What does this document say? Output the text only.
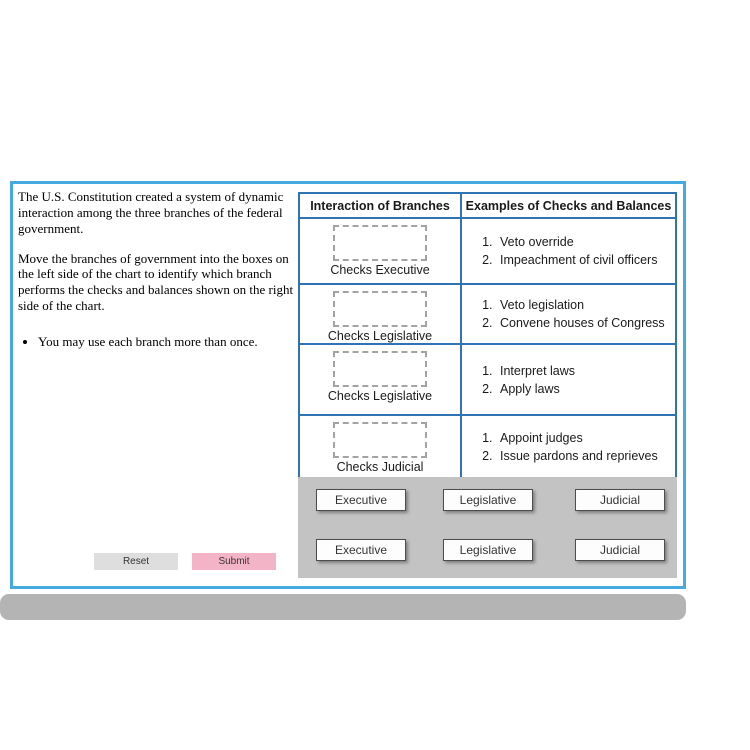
The U.S. Constitution created a system of dynamic interaction among the three branches of the federal government.

Move the branches of government into the boxes on the left side of the chart to identify which branch performs the checks and balances shown on the right side of the chart.

• You may use each branch more than once.
Reset	Submit
Interaction of Branches	Examples of Checks and Balances
Checks Executive
1. Veto override
2. Impeachment of civil officers
Checks Legislative
1. Veto legislation
2. Convene houses of Congress
Checks Legislative
1. Interpret laws
2. Apply laws
Checks Judicial
1. Appoint judges
2. Issue pardons and reprieves
Executive	Legislative	Judicial
Executive	Legislative	Judicial
